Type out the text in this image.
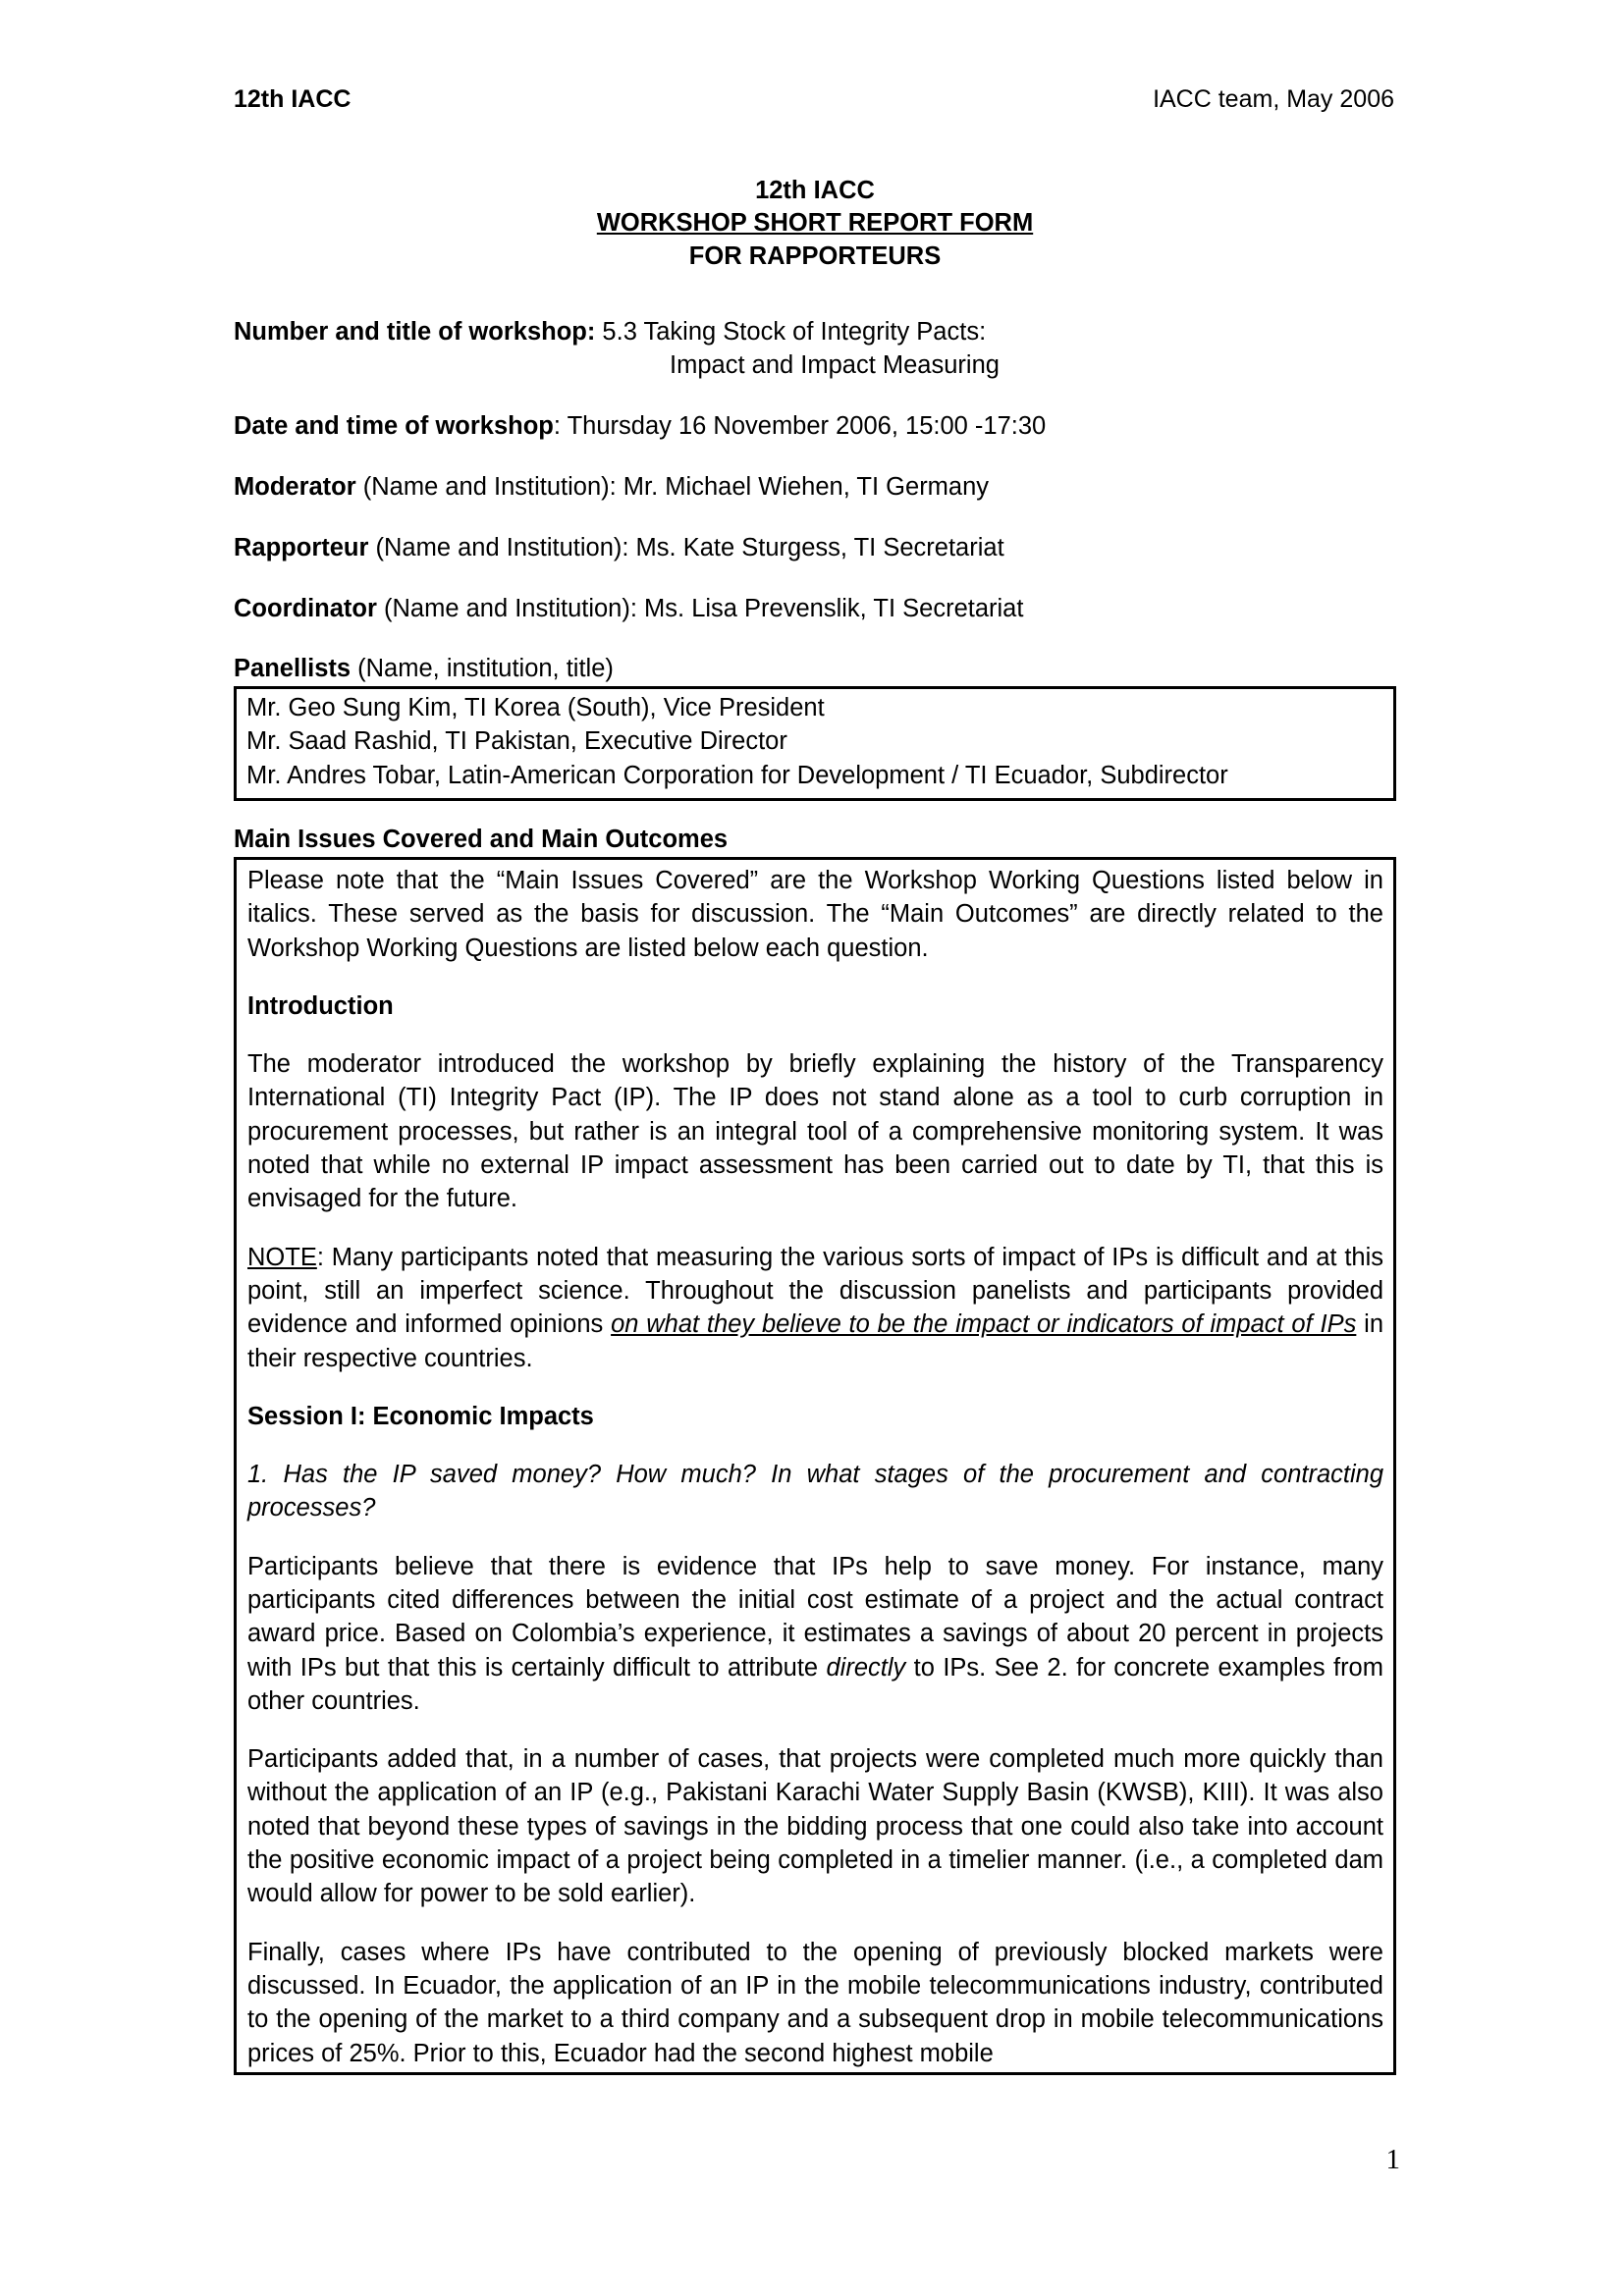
12th IACC	IACC team, May 2006
12th IACC
WORKSHOP SHORT REPORT FORM
FOR RAPPORTEURS
Number and title of workshop: 5.3 Taking Stock of Integrity Pacts:
Impact and Impact Measuring
Date and time of workshop: Thursday 16 November 2006, 15:00 -17:30
Moderator (Name and Institution): Mr. Michael Wiehen, TI Germany
Rapporteur (Name and Institution): Ms. Kate Sturgess, TI Secretariat
Coordinator (Name and Institution): Ms. Lisa Prevenslik, TI Secretariat
Panellists (Name, institution, title)
Mr. Geo Sung Kim, TI Korea (South), Vice President
Mr. Saad Rashid, TI Pakistan, Executive Director
Mr. Andres Tobar, Latin-American Corporation for Development / TI Ecuador, Subdirector
Main Issues Covered and Main Outcomes

Please note that the “Main Issues Covered” are the Workshop Working Questions listed below in italics. These served as the basis for discussion. The “Main Outcomes” are directly related to the Workshop Working Questions are listed below each question.

Introduction

The moderator introduced the workshop by briefly explaining the history of the Transparency International (TI) Integrity Pact (IP). The IP does not stand alone as a tool to curb corruption in procurement processes, but rather is an integral tool of a comprehensive monitoring system. It was noted that while no external IP impact assessment has been carried out to date by TI, that this is envisaged for the future.

NOTE: Many participants noted that measuring the various sorts of impact of IPs is difficult and at this point, still an imperfect science. Throughout the discussion panelists and participants provided evidence and informed opinions on what they believe to be the impact or indicators of impact of IPs in their respective countries.

Session I: Economic Impacts

1. Has the IP saved money? How much? In what stages of the procurement and contracting processes?

Participants believe that there is evidence that IPs help to save money. For instance, many participants cited differences between the initial cost estimate of a project and the actual contract award price. Based on Colombia’s experience, it estimates a savings of about 20 percent in projects with IPs but that this is certainly difficult to attribute directly to IPs. See 2. for concrete examples from other countries.

Participants added that, in a number of cases, that projects were completed much more quickly than without the application of an IP (e.g., Pakistani Karachi Water Supply Basin (KWSB), KIII). It was also noted that beyond these types of savings in the bidding process that one could also take into account the positive economic impact of a project being completed in a timelier manner. (i.e., a completed dam would allow for power to be sold earlier).

Finally, cases where IPs have contributed to the opening of previously blocked markets were discussed. In Ecuador, the application of an IP in the mobile telecommunications industry, contributed to the opening of the market to a third company and a subsequent drop in mobile telecommunications prices of 25%. Prior to this, Ecuador had the second highest mobile

1
